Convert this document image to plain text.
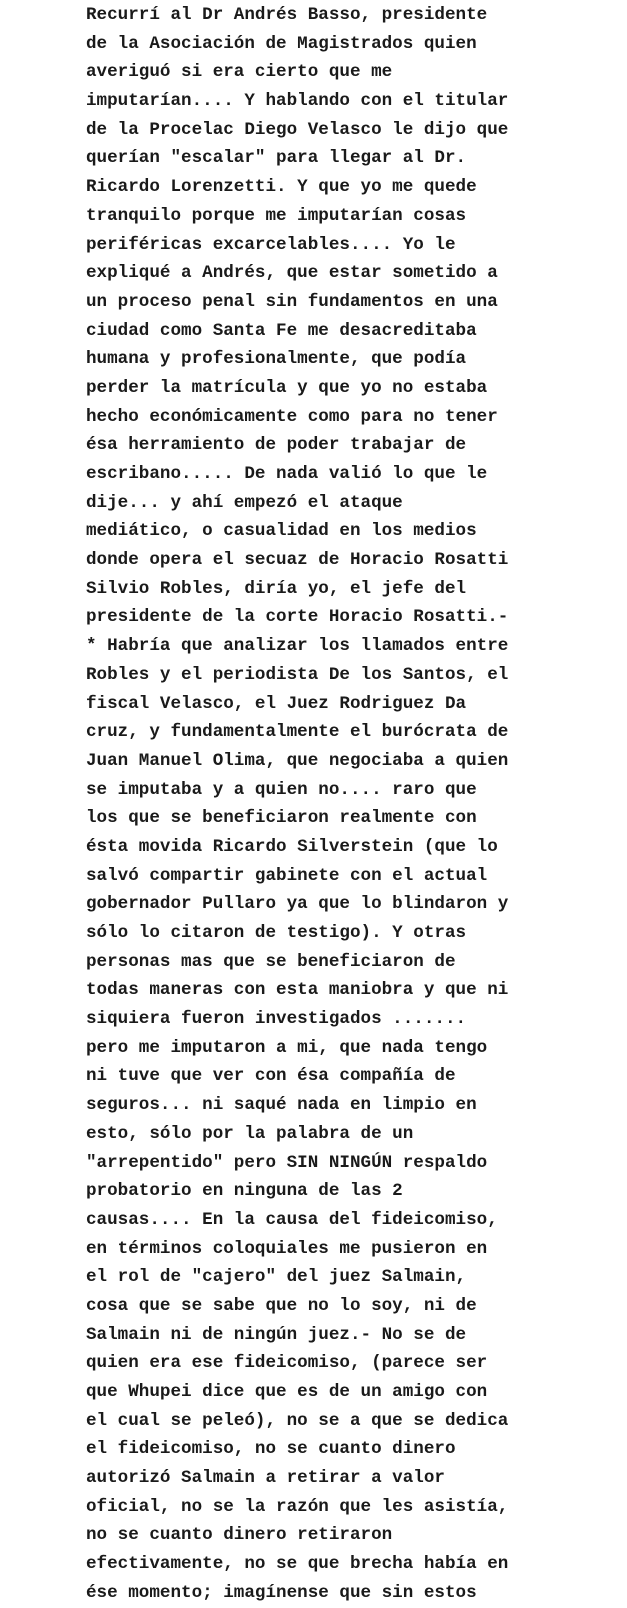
Recurrí al Dr Andrés Basso, presidente
de la Asociación de Magistrados quien
averiguó si era cierto que me
imputarían.... Y hablando con el titular
de la Procelac Diego Velasco le dijo que
querían "escalar" para llegar al Dr.
Ricardo Lorenzetti. Y que yo me quede
tranquilo porque me imputarían cosas
periféricas excarcelables.... Yo le
expliqué a Andrés, que estar sometido a
un proceso penal sin fundamentos en una
ciudad como Santa Fe me desacreditaba
humana y profesionalmente, que podía
perder la matrícula y que yo no estaba
hecho económicamente como para no tener
ésa herramiento de poder trabajar de
escribano..... De nada valió lo que le
dije... y ahí empezó el ataque
mediático, o casualidad en los medios
donde opera el secuaz de Horacio Rosatti
Silvio Robles, diría yo, el jefe del
presidente de la corte Horacio Rosatti.-
* Habría que analizar los llamados entre
Robles y el periodista De los Santos, el
fiscal Velasco, el Juez Rodriguez Da
cruz, y fundamentalmente el burócrata de
Juan Manuel Olima, que negociaba a quien
se imputaba y a quien no.... raro que
los que se beneficiaron realmente con
ésta movida Ricardo Silverstein (que lo
salvó compartir gabinete con el actual
gobernador Pullaro ya que lo blindaron y
sólo lo citaron de testigo). Y otras
personas mas que se beneficiaron de
todas maneras con esta maniobra y que ni
siquiera fueron investigados .......
pero me imputaron a mi, que nada tengo
ni tuve que ver con ésa compañía de
seguros... ni saqué nada en limpio en
esto, sólo por la palabra de un
"arrepentido" pero SIN NINGÚN respaldo
probatorio en ninguna de las 2
causas.... En la causa del fideicomiso,
en términos coloquiales me pusieron en
el rol de "cajero" del juez Salmain,
cosa que se sabe que no lo soy, ni de
Salmain ni de ningún juez.- No se de
quien era ese fideicomiso, (parece ser
que Whupei dice que es de un amigo con
el cual se peleó), no se a que se dedica
el fideicomiso, no se cuanto dinero
autorizó Salmain a retirar a valor
oficial, no se la razón que les asistía,
no se cuanto dinero retiraron
efectivamente, no se que brecha había en
ése momento; imagínense que sin estos
